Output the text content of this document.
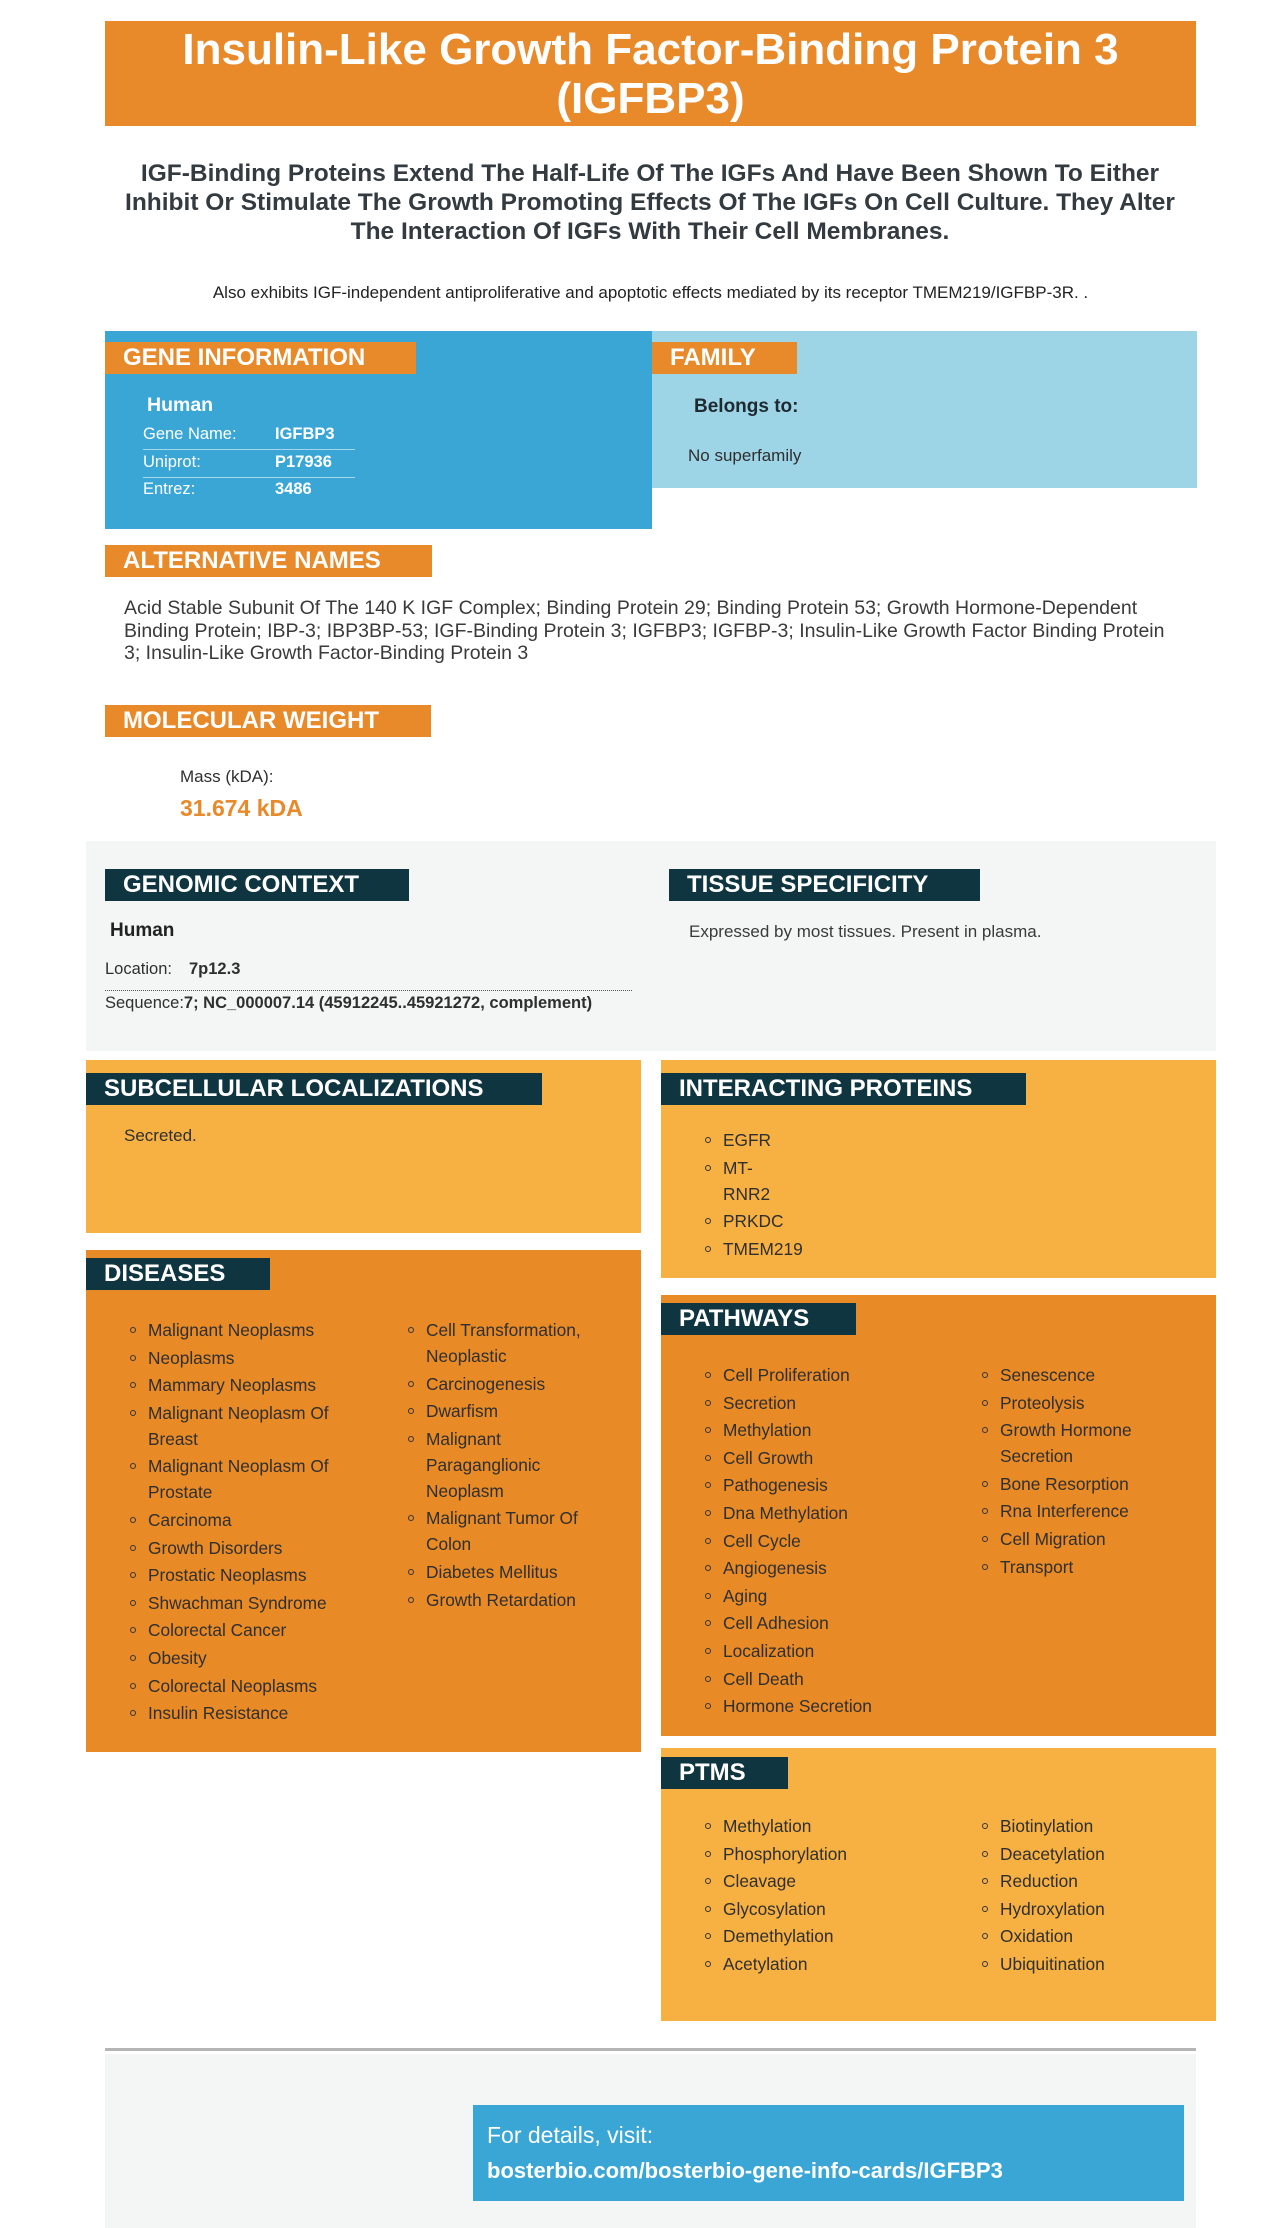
Insulin-Like Growth Factor-Binding Protein 3
(IGFBP3)
IGF-Binding Proteins Extend The Half-Life Of The IGFs And Have Been Shown To Either Inhibit Or Stimulate The Growth Promoting Effects Of The IGFs On Cell Culture. They Alter The Interaction Of IGFs With Their Cell Membranes.
Also exhibits IGF-independent antiproliferative and apoptotic effects mediated by its receptor TMEM219/IGFBP-3R. .
GENE INFORMATION
Human
Gene Name: IGFBP3
Uniprot:	P17936
Entrez:	3486
FAMILY
Belongs to:
No superfamily
ALTERNATIVE NAMES
Acid Stable Subunit Of The 140 K IGF Complex; Binding Protein 29; Binding Protein 53; Growth Hormone-Dependent Binding Protein; IBP-3; IBP3BP-53; IGF-Binding Protein 3; IGFBP3; IGFBP-3; Insulin-Like Growth Factor Binding Protein 3; Insulin-Like Growth Factor-Binding Protein 3
MOLECULAR WEIGHT
Mass (kDA):
31.674 kDA
GENOMIC CONTEXT
Human
Location: 7p12.3
Sequence:7; NC_000007.14 (45912245..45921272, complement)
TISSUE SPECIFICITY
Expressed by most tissues. Present in plasma.
SUBCELLULAR LOCALIZATIONS
Secreted.
INTERACTING PROTEINS
EGFR
MT-
RNR2
PRKDC
TMEM219
DISEASES
Malignant Neoplasms
Neoplasms
Mammary Neoplasms
Malignant Neoplasm Of
Breast
Malignant Neoplasm Of
Prostate
Carcinoma
Growth Disorders
Prostatic Neoplasms
Shwachman Syndrome
Colorectal Cancer
Obesity
Colorectal Neoplasms
Insulin Resistance
Cell Transformation,
Neoplastic
Carcinogenesis
Dwarfism
Malignant
Paraganglionic
Neoplasm
Malignant Tumor Of
Colon
Diabetes Mellitus
Growth Retardation
PATHWAYS
Cell Proliferation
Secretion
Methylation
Cell Growth
Pathogenesis
Dna Methylation
Cell Cycle
Angiogenesis
Aging
Cell Adhesion
Localization
Cell Death
Hormone Secretion
Senescence
Proteolysis
Growth Hormone
Secretion
Bone Resorption
Rna Interference
Cell Migration
Transport
PTMS
Methylation
Phosphorylation
Cleavage
Glycosylation
Demethylation
Acetylation
Biotinylation
Deacetylation
Reduction
Hydroxylation
Oxidation
Ubiquitination
For details, visit:
bosterbio.com/bosterbio-gene-info-cards/IGFBP3
